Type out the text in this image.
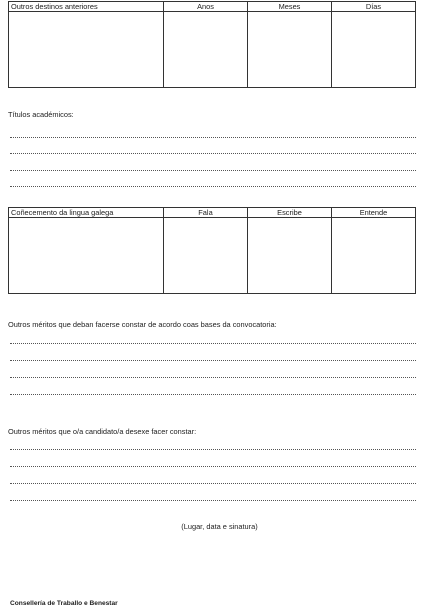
Outros destinos anteriores	Anos	Meses	Días

Títulos académicos:
Coñecemento da lingua galega	Fala	Escribe	Entende

Outros méritos que deban facerse constar de acordo coas bases da convocatoria:
Outros méritos que o/a candidato/a desexe facer constar:
(Lugar, data e sinatura)
Consellería de Traballo e Benestar
